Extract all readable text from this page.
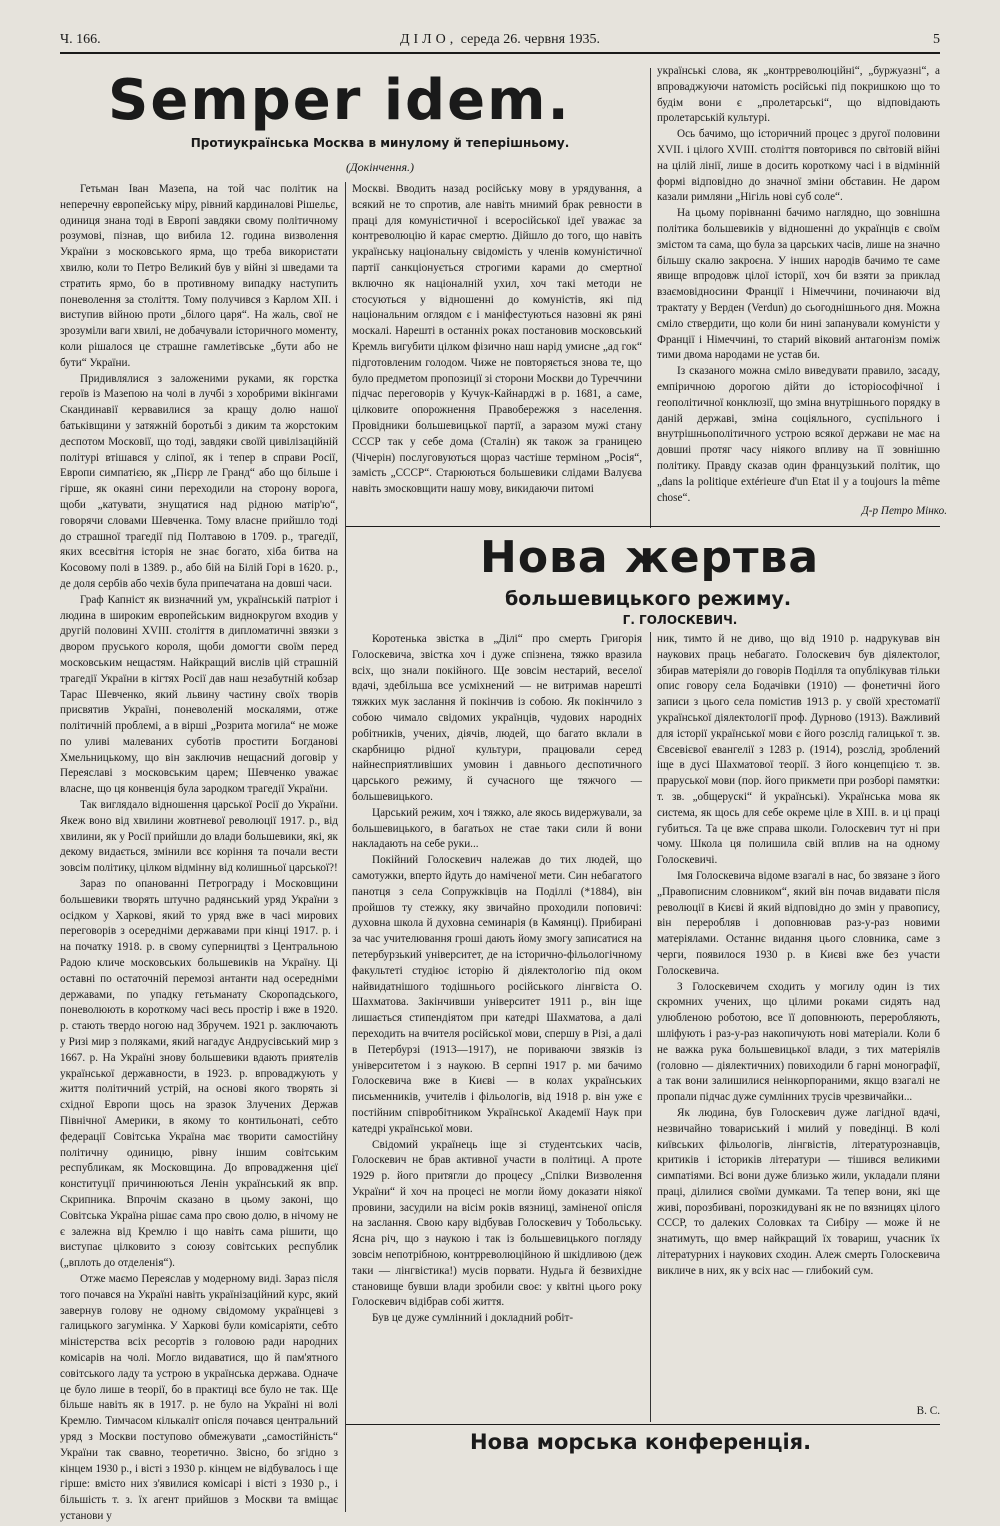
Ч. 166.	ДІЛО, середа 26. червня 1935.	5
Semper idem.
Протиукраїнська Москва в минулому й теперішньому.
(Докінчення.)

Гетьман Іван Мазепа, на той час політик на неперечну европейську міру, рівний кардиналові Рішельє, одиниця знана тоді в Европі завдяки свому політичному розумові, пізнав, що вибила 12. година визволення України з московського ярма, що треба використати хвилю, коли то Петро Великий був у війні зі шведами та стратить ярмо, бо в противному випадку наступить поневолення за століття. Тому получився з Карлом XII. і виступив війною проти „білого царя“. На жаль, свої не зрозуміли ваги хвилі, не добачували історичного моменту, коли рішалося це страшне гамлетівське „бути або не бути“ України.

Придивлялися з заложеними руками, як горстка героїв із Мазепою на чолі в лучбі з хоробрими вікінгами Скандинавії кервавилися за кращу долю нашої батьківщини у затяжній боротьбі з диким та жорстоким деспотом Московії, що тоді, завдяки своїй цивілізаційній політурі втішався у сліпої, як і тепер в справи Росії, Европи симпатією, як „Пієрр ле Гранд“ або що більше і гірше, як окаяні сини переходили на сторону ворога, щоби „катувати, знущатися над рідною матір'ю“, говорячи словами Шевченка. Тому власне прийшло тоді до страшної трагедії під Полтавою в 1709. р., трагедії, яких всесвітня історія не знає богато, хіба битва на Косовому полі в 1389. р., або бій на Білій Горі в 1620. р., де доля сербів або чехів була припечатана на довші часи.

Граф Капніст як визначний ум, українській патріот і людина в широким европейським виднокругом входив у другій половині XVIII. століття в дипломатичні звязки з двором пруського короля, щоби домогти своїм перед московським нещастям. Найкращий вислів цій страшній трагедії України в кігтях Росії дав наш незабутній кобзар Тарас Шевченко, який львину частину своїх творів присвятив Україні, поневоленій москалями, отже політичній проблемі, а в вірші „Розрита могила“ не може по уливі малеваних суботів простити Богданові Хмельницькому, що він заключив нещасний договір у Переяславі з московським царем; Шевченко уважає власне, що ця конвенція була зародком трагедії України.

Так виглядало відношення царської Росії до України. Якеж воно від хвилини жовтневої революції 1917. р., від хвилини, як у Росії прийшли до влади большевики, які, як декому видається, змінили всє коріння та почали вести зовсім політику, цілком відмінну від колишньої царської?!

Зараз по опанованні Петрограду і Московщини большевики творять штучно радянський уряд України з осідком у Харкові, який то уряд вже в часі мирових переговорів з осередніми державами при кінці 1917. р. і на початку 1918. р. в свому суперництві з Центральною Радою кличе московських большевиків на Україну. Ці оставні по остаточній перемозі антанти над осередніми державами, по упадку гетьманату Скоропадського, поневолюють в короткому часі весь простір і вже в 1920. р. стають твердо ногою над Збручем. 1921 р. заключають у Ризі мир з поляками, який нагадує Андрусівський мир з 1667. р. На Україні знову большевики вдають приятелів української державности, в 1923. р. впроваджують у життя політичний устрій, на основі якого творять зі східної Европи щось на зразок Злучених Держав Північної Америки, в якому то контильонаті, себто федерації Совітська Україна має творити самостійну політичну одиницю, рівну іншим совітським республикам, як Московщина. До впровадження цієї конституції причинюються Ленін український як впр. Скрипника. Впрочім сказано в цьому законі, що Совітська Україна рішає сама про свою долю, в нічому не є залежна від Кремлю і що навіть сама рішити, що виступає цілковито з союзу совітських республик („вплоть до отделенія“).

Отже маємо Переяслав у модерному виді. Зараз після того почався на Україні навіть українізаційний курс, який завернув голову не одному свідомому українцеві з галицького загумінка. У Харкові були комісаріяти, себто міністерства всіх ресортів з головою ради народних комісарів на чолі. Могло видаватися, що й пам'ятного совітського ладу та устрою в українська держава. Одначе це було лише в теорії, бо в практиці все було не так. Ще більше навіть як в 1917. р. не було на Україні ні волі Кремлю. Тимчасом кількаліт опісля почався центральний уряд з Москви поступово обмежувати „самостійність“ України так свавно, теоретично. Звісно, бо згідно з кінцем 1930 р., і вісті з 1930 р. кінцем не відбувалось і ще гірше: вмісто них з'явилися комісарі і вісті з 1930 р., і більшість т. з. їх агент прийшов з Москви та вміщає установи у

Москві. Вводить назад російську мову в урядування, а всякий не то спротив, але навіть мнимий брак ревности в праці для комуністичної і всеросійської ідеї уважає за контреволюцію й карає смертю. Дійшло до того, що навіть українську національну свідомість у членів комуністичної партії санкціонується строгими карами до смертної включно як націоналній ухил, хоч такі методи не стосуються у відношенні до комуністів, які під національним оглядом є і маніфестуються назовні як ряні москалі. Нарешті в останніх роках постановив московський Кремль вигубити цілком фізично наш нарід умисне „ад гок“ підготовленим голодом. Чиже не повторяється знова те, що було предметом пропозиції зі сторони Москви до Туреччини підчас переговорів у Кучук-Кайнарджі в р. 1681, а саме, цілковите опорожнення Правобережжя з населення. Провідники большевицької партії, а заразом мужі стану СССР так у себе дома (Сталін) як також за границею (Чічерін) послуговуються щораз частіше терміном „Росія“, замість „СССР“. Старюються большевики слідами Валуєва навіть змосковщити нашу мову, викидаючи питомі

українські слова, як „контрреволюційні“, „буржуазні“, а впроваджуючи натомість російські під покришкою що то будім вони є „пролетарські“, що відповідають пролетарській культурі.

Ось бачимо, що історичний процес з другої половини XVII. і цілого XVIII. століття повторився по світовій війні на цілій лінії, лише в досить короткому часі і в відмінній формі відповідно до значної зміни обставин. Не даром казали римляни „Нігіль нові суб соле“.

На цьому порівнанні бачимо наглядно, що зовнішна політика большевиків у відношенні до українців є своїм змістом та сама, що була за царських часів, лише на значно більшу скалю закроєна. У інших народів бачимо те саме явище впродовж цілої історії, хоч би взяти за приклад взаємовідносини Франції і Німеччини, починаючи від трактату у Верден (Verdun) до сьогоднішнього дня. Можна сміло ствердити, що коли би нині запанували комуністи у Франції і Німеччині, то старий віковий антагонізм поміж тими двома народами не устав би.

Із сказаного можна сміло виведувати правило, засаду, емпіричною дорогою дійти до історіософічної і геополітичної конклюзії, що зміна внутрішнього порядку в даній державі, зміна соціяльного, суспільного і внутрішньополітичного устрою всякої держави не має на довшиі протяг часу ніякого впливу на її зовнішню політику. Правду сказав один французький політик, що „dans la politique extérieure d'un Etat il y a toujours la même chose“.

Д-р Петро Мінко.
Нова жертва
большевицького режиму.
Г. ГОЛОСКЕВИЧ.

Коротенька звістка в „Ділі“ про смерть Григорія Голоскевича, звістка хоч і дуже спізнена, тяжко вразила всіх, що знали покійного. Ще зовсім нестарий, веселої вдачі, здебільша все усміхнений — не витримав нарешті тяжких мук заслання й покінчив із собою. Як покінчило з собою чимало свідомих українців, чудових народніх робітників, учених, діячів, людей, що багато вклали в скарбницю рідної культури, працювали серед найнесприятливіших умовин і давнього деспотичного царського режиму, й сучасного ще тяжчого — большевицького.

Царський режим, хоч і тяжко, але якось видержували, за большевицького, в багатьох не стае таки сили й вони накладають на себе руки...

Покійний Голоскевич належав до тих людей, що самотужки, вперто йдуть до наміченої мети. Син небагатого панотця з села Сопружківців на Поділлі (*1884), він пройшов ту стежку, яку звичайно проходили поповичі: духовна школа й духовна семинарія (в Камянці). Прибирані за час учителювання гроші дають йому змогу записатися на петербурзький університет, де на історично-фільологічному факультеті студіює історію й діялектологію під оком найвидатнішого тодішнього російського лінгвіста О. Шахматова. Закінчивши університет 1911 р., він іще лишається стипендіятом при катедрі Шахматова, а далі переходить на вчителя російської мови, спершу в Різі, а далі в Петербурзі (1913—1917), не пориваючи звязків із університетом і з наукою. В серпні 1917 р. ми бачимо Голоскевича вже в Києві — в колах українських письменників, учителів і фільологів, від 1918 р. він уже є постійним співробітником Української Академії Наук при катедрі української мови.

Свідомий українець іще зі студентських часів, Голоскевич не брав активної участи в політиці. А проте 1929 р. його притягли до процесу „Спілки Визволення України“ й хоч на процесі не могли йому доказати ніякої провини, засудили на вісім років вязниці, заміненої опісля на заслання. Свою кару відбував Голоскевич у Тобольську. Ясна річ, що з наукою і так із большевицького погляду зовсім непотрібною, контрреволюційною й шкідливою (деж таки — лінгвістика!) мусів порвати. Нудьга й безвихідне становище бувши влади зробили своє: у квітні цього року Голоскевич відібрав собі життя.

Був це дуже сумлінний і докладний робіт-

ник, тимто й не диво, що від 1910 р. надрукував він наукових праць небагато. Голоскевич був діялектолог, збирав матеріяли до говорів Поділля та опублікував тільки опис говору села Бодачівки (1910) — фонетичні його записи з цього села помістив 1913 р. у своїй хрестоматії української діялектології проф. Дурново (1913). Важливий для історії української мови є його розслід галицької т. зв. Євсевієвої евангелії з 1283 р. (1914), розслід, зроблений іще в дусі Шахматової теорії. З його концепцією т. зв. праруської мови (пор. його прикмети при розборі памятки: т. зв. „общерускі“ й українські). Українська мова як система, як щось для себе окреме ціле в XIII. в. и ці праці губиться. Та це вже справа школи. Голоскевич тут ні при чому. Школа ця полишила свій вплив на на одному Голоскевичі.

Імя Голоскевича відоме взагалі в нас, бо звязане з його „Правописним словником“, який він почав видавати після революції в Києві й який відповідно до змін у правопису, він переробляв і доповнював раз-у-раз новими матеріялами. Останнє видання цього словника, саме з черги, появилося 1930 р. в Києві вже без участи Голоскевича.

З Голоскевичем сходить у могилу один із тих скромних учених, що цілими роками сидять над улюбленою роботою, все її доповнюють, переробляють, шліфують і раз-у-раз накопичують нові матеріали. Коли б не важка рука большевицької влади, з тих матеріялів (головно — діялектичних) повиходили б гарні монографії, а так вони залишилися неінкорпораними, якщо взагалі не пропали підчас дуже сумлінних трусів чрезвичайки...

Як людина, був Голоскевич дуже лагідної вдачі, незвичайно товариський і милий у поведінці. В колі київських фільологів, лінгвістів, літературознавців, критиків і істориків літератури — тішився великими симпатіями. Всі вони дуже близько жили, укладали пляни праці, ділилися своїми думками. Та тепер вони, які ще живі, порозбивані, порозкидувані як не по вязницях цілого СССР, то далеких Соловках та Сибіру — може й не знатимуть, що вмер найкращий їх товариш, учасник їх літературних і наукових сходин. Алеж смерть Голоскевича викличе в них, як у всіх нас — глибокий сум.

В. С.
Нова морська конференція.
